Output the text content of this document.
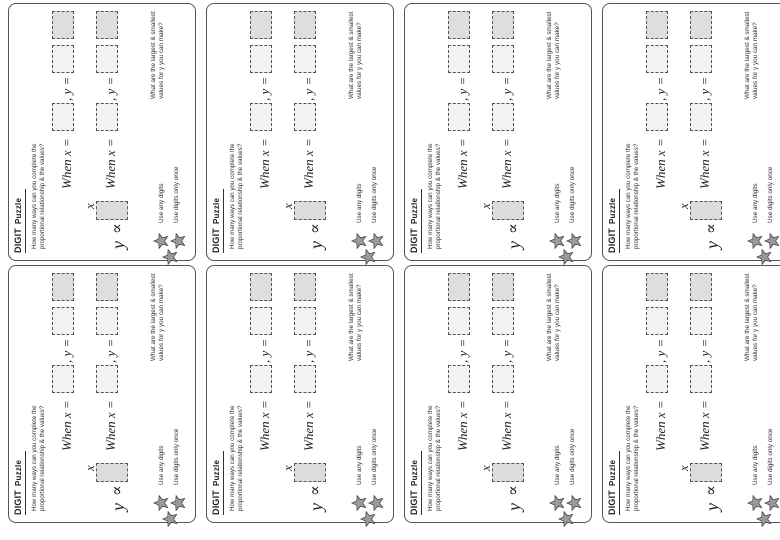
DIGITPuzzle How many ways can you complete the proportional relationship & the values?	y
∝
x
When x =
, y =
When x =
, y =	What are the largest & smallest values for y you can make?
Use any digits Use digits only once
DIGITPuzzle How many ways can you complete the proportional relationship & the values?	y
∝
x
When x =
, y =
When x =
, y =	What are the largest & smallest values for y you can make?
Use any digits Use digits only once
DIGITPuzzle How many ways can you complete the proportional relationship & the values?	y
∝
x
When x =
, y =
When x =
, y =	What are the largest & smallest values for y you can make?
Use any digits Use digits only once
DIGITPuzzle How many ways can you complete the proportional relationship & the values?	y
∝
x
When x =
, y =
When x =
, y =	What are the largest & smallest values for y you can make?
Use any digits Use digits only once
DIGITPuzzle How many ways can you complete the proportional relationship & the values?	y
∝
x
When x =
, y =
When x =
, y =	What are the largest & smallest values for y you can make?
Use any digits Use digits only once
DIGITPuzzle How many ways can you complete the proportional relationship & the values?	y
∝
x
When x =
, y =
When x =
, y =	What are the largest & smallest values for y you can make?
Use any digits Use digits only once
DIGITPuzzle How many ways can you complete the proportional relationship & the values?	y
∝
x
When x =
, y =
When x =
, y =	What are the largest & smallest values for y you can make?
Use any digits Use digits only once
DIGITPuzzle How many ways can you complete the proportional relationship & the values?	y
∝
x
When x =
, y =
When x =
, y =	What are the largest & smallest values for y you can make?
Use any digits Use digits only once
